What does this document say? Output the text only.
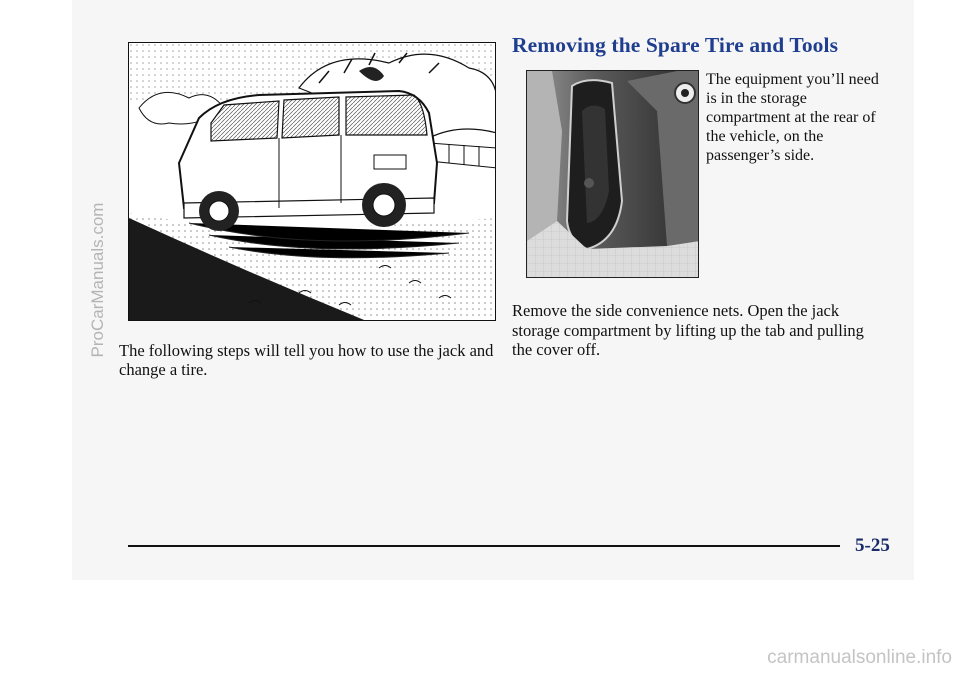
ProCarManuals.com The following steps will tell you how to use the jack and change a tire.

Removing the Spare Tire and Tools

The equipment you’ll need is in the storage compartment at the rear of the vehicle, on the passenger’s side.

Remove the side convenience nets. Open the jack storage compartment by lifting up the tab and pulling the cover off.

5-25
carmanualsonline.info
